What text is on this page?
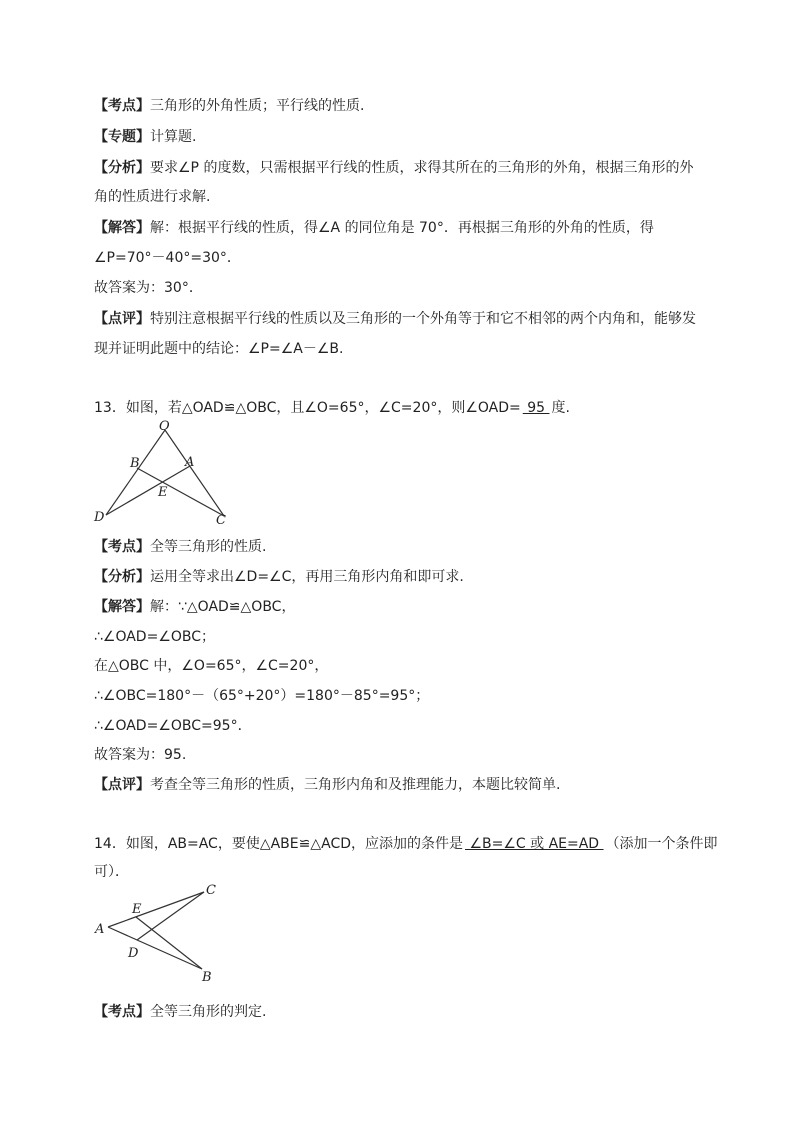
【考点】三角形的外角性质；平行线的性质.
【专题】计算题.
【分析】要求∠P 的度数，只需根据平行线的性质，求得其所在的三角形的外角，根据三角形的外
角的性质进行求解.
【解答】解：根据平行线的性质，得∠A 的同位角是 70°．再根据三角形的外角的性质，得
∠P=70°－40°=30°．
故答案为：30°．
【点评】特别注意根据平行线的性质以及三角形的一个外角等于和它不相邻的两个内角和，能够发
现并证明此题中的结论：∠P=∠A－∠B.
13．如图，若△OAD≌△OBC，且∠O=65°，∠C=20°，则∠OAD= 95 度.
O
B	A
E
D	C
【考点】全等三角形的性质.
【分析】运用全等求出∠D=∠C，再用三角形内角和即可求.
【解答】解：∵△OAD≌△OBC，
∴∠OAD=∠OBC；
在△OBC 中，∠O=65°，∠C=20°，
∴∠OBC=180°－（65°+20°）=180°－85°=95°；
∴∠OAD=∠OBC=95°．
故答案为：95.
【点评】考查全等三角形的性质，三角形内角和及推理能力，本题比较简单.
14．如图，AB=AC，要使△ABE≌△ACD，应添加的条件是 ∠B=∠C 或 AE=AD （添加一个条件即
可）．
A
E
C
D
B
【考点】全等三角形的判定.
